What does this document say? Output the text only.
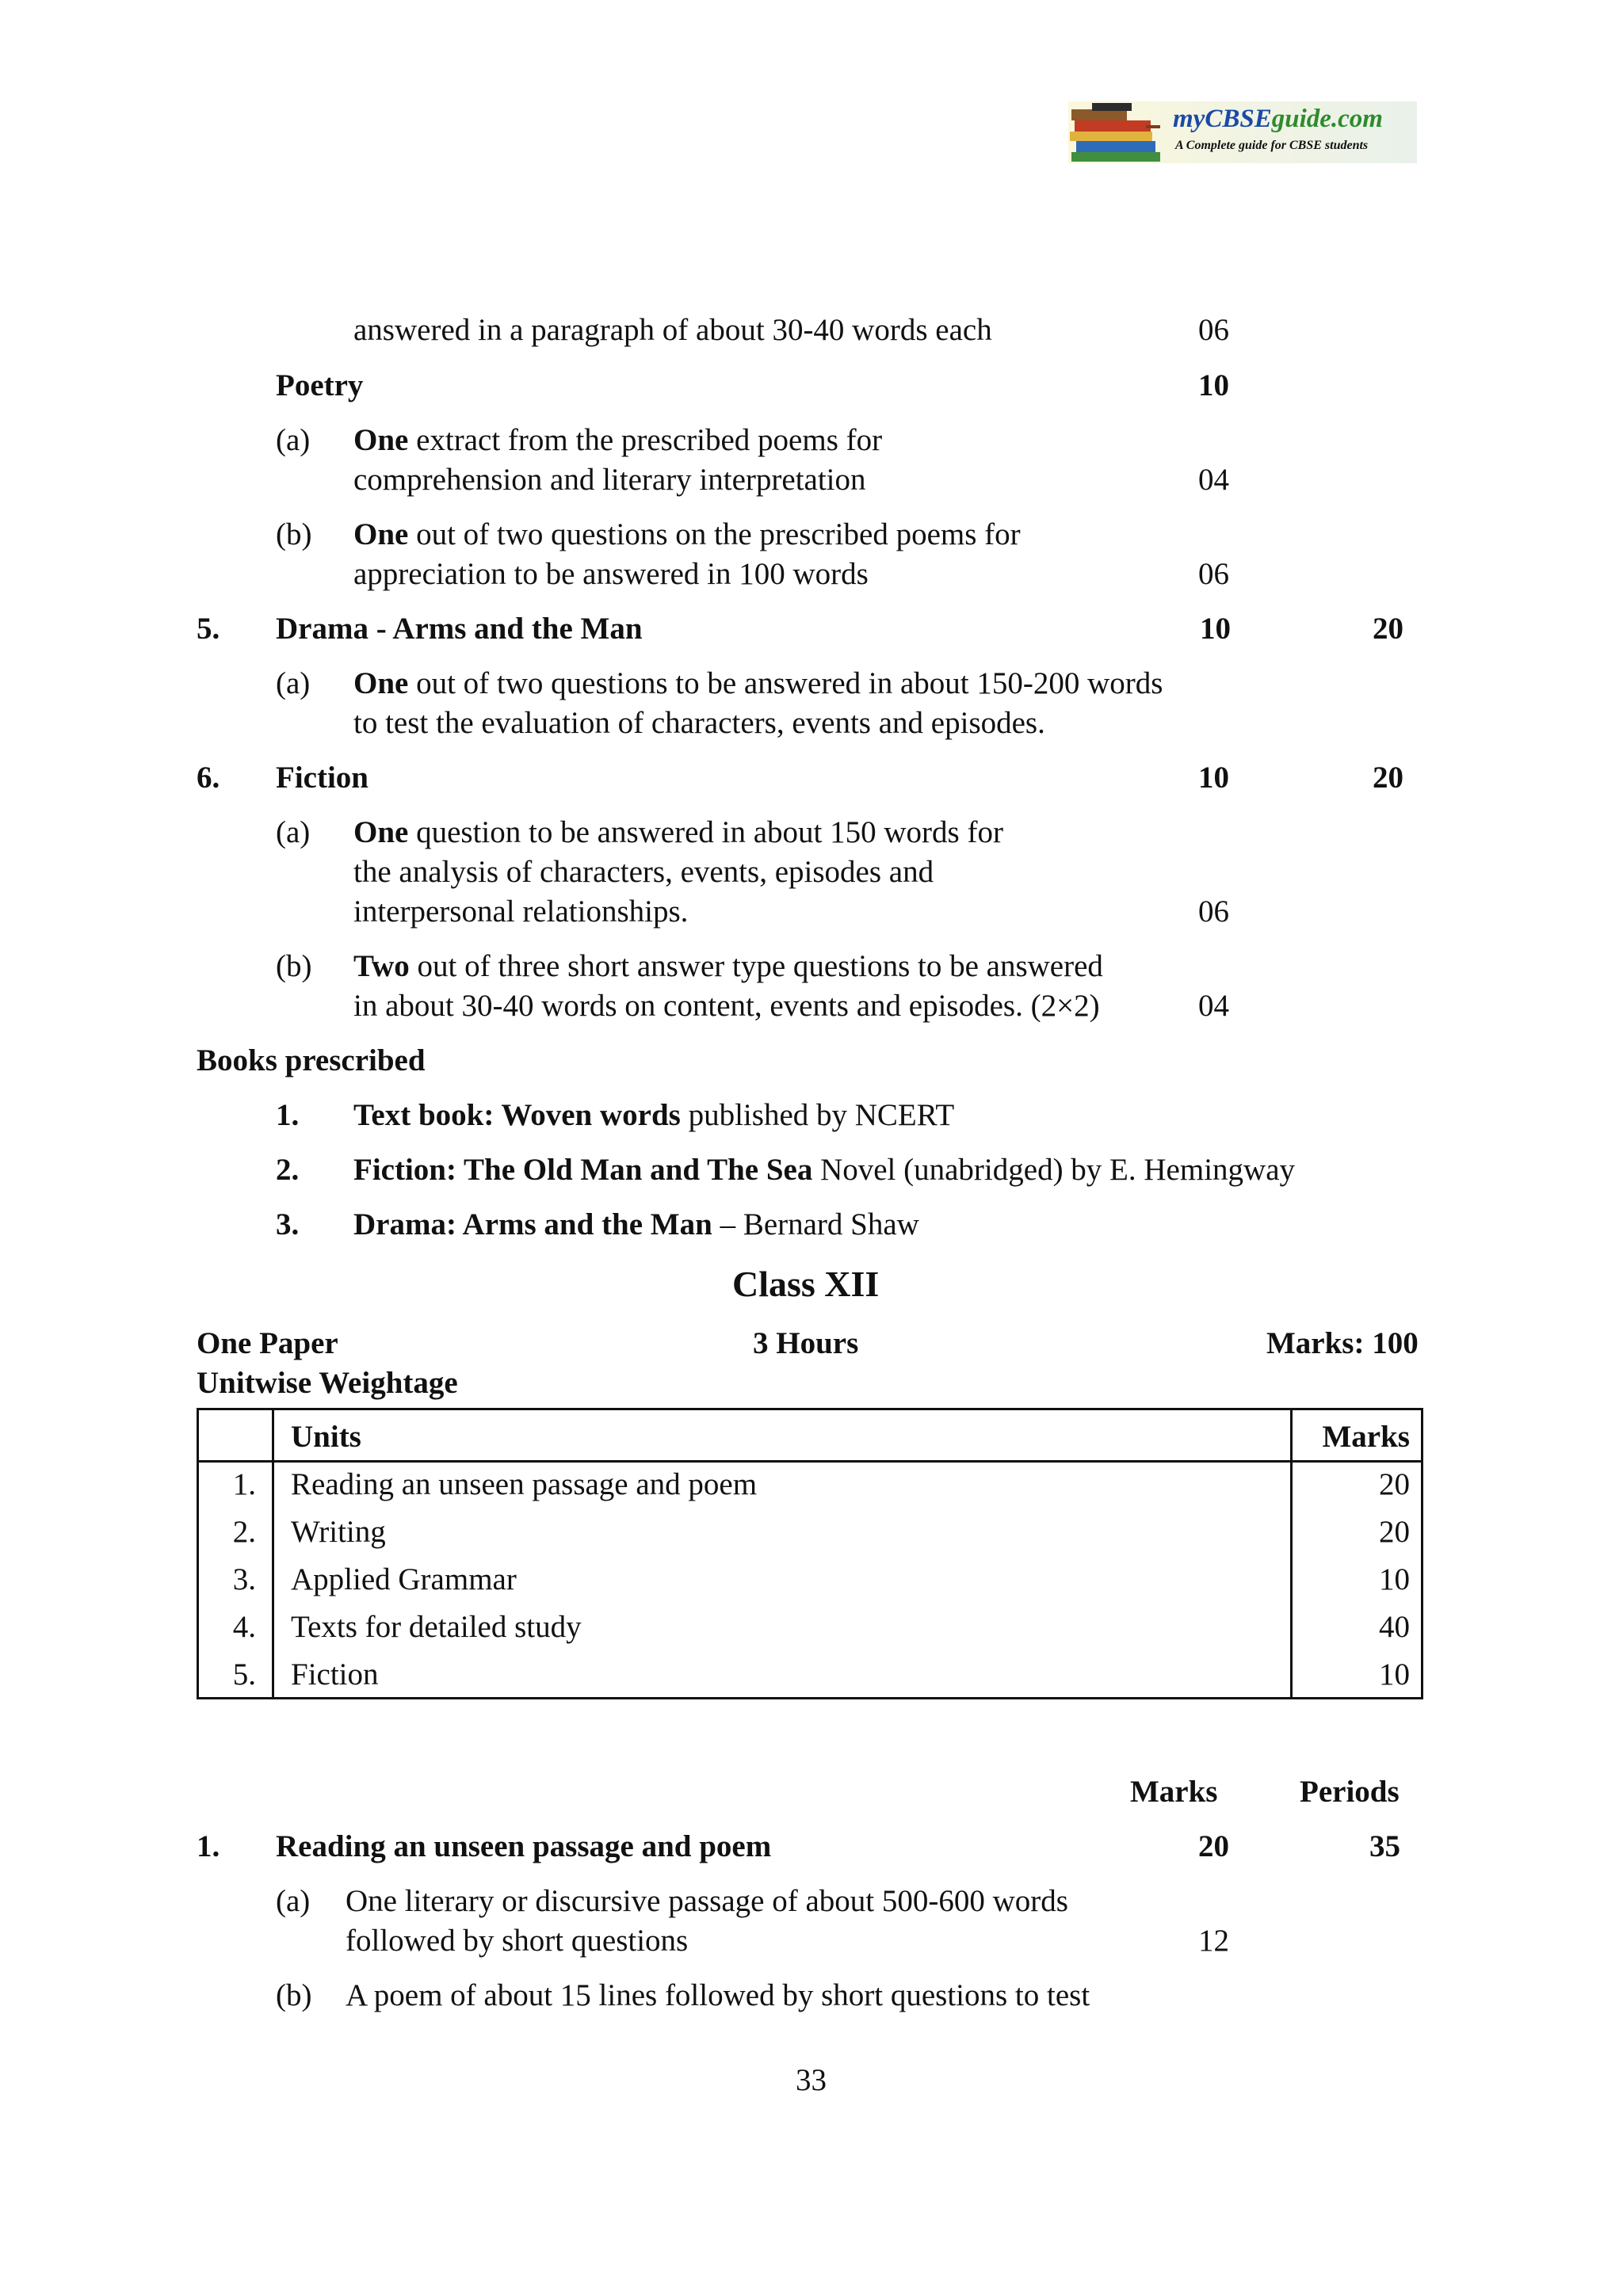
myCBSEguide.com
A Complete guide for CBSE students
answered in a paragraph of about 30-40 words each	06
Poetry	10
(a) One extract from the prescribed poems for
comprehension and literary interpretation	04
(b) One out of two questions on the prescribed poems for
appreciation to be answered in 100 words	06
5. Drama - Arms and the Man	10	20
(a) One out of two questions to be answered in about 150-200 words
to test the evaluation of characters, events and episodes.
6. Fiction	10	20
(a) One question to be answered in about 150 words for
the analysis of characters, events, episodes and
interpersonal relationships.	06
(b) Two out of three short answer type questions to be answered
in about 30-40 words on content, events and episodes. (2×2)	04
Books prescribed
1. Text book: Woven words published by NCERT
2. Fiction: The Old Man and The Sea Novel (unabridged) by E. Hemingway
3. Drama: Arms and the Man – Bernard Shaw
Class XII
One Paper	3 Hours	Marks: 100
Unitwise Weightage
Units	Marks
1. Reading an unseen passage and poem	20
2. Writing	20
3. Applied Grammar	10
4. Texts for detailed study	40
5. Fiction	10
Marks	Periods
1. Reading an unseen passage and poem	20	35
(a) One literary or discursive passage of about 500-600 words
followed by short questions	12
(b) A poem of about 15 lines followed by short questions to test
33
